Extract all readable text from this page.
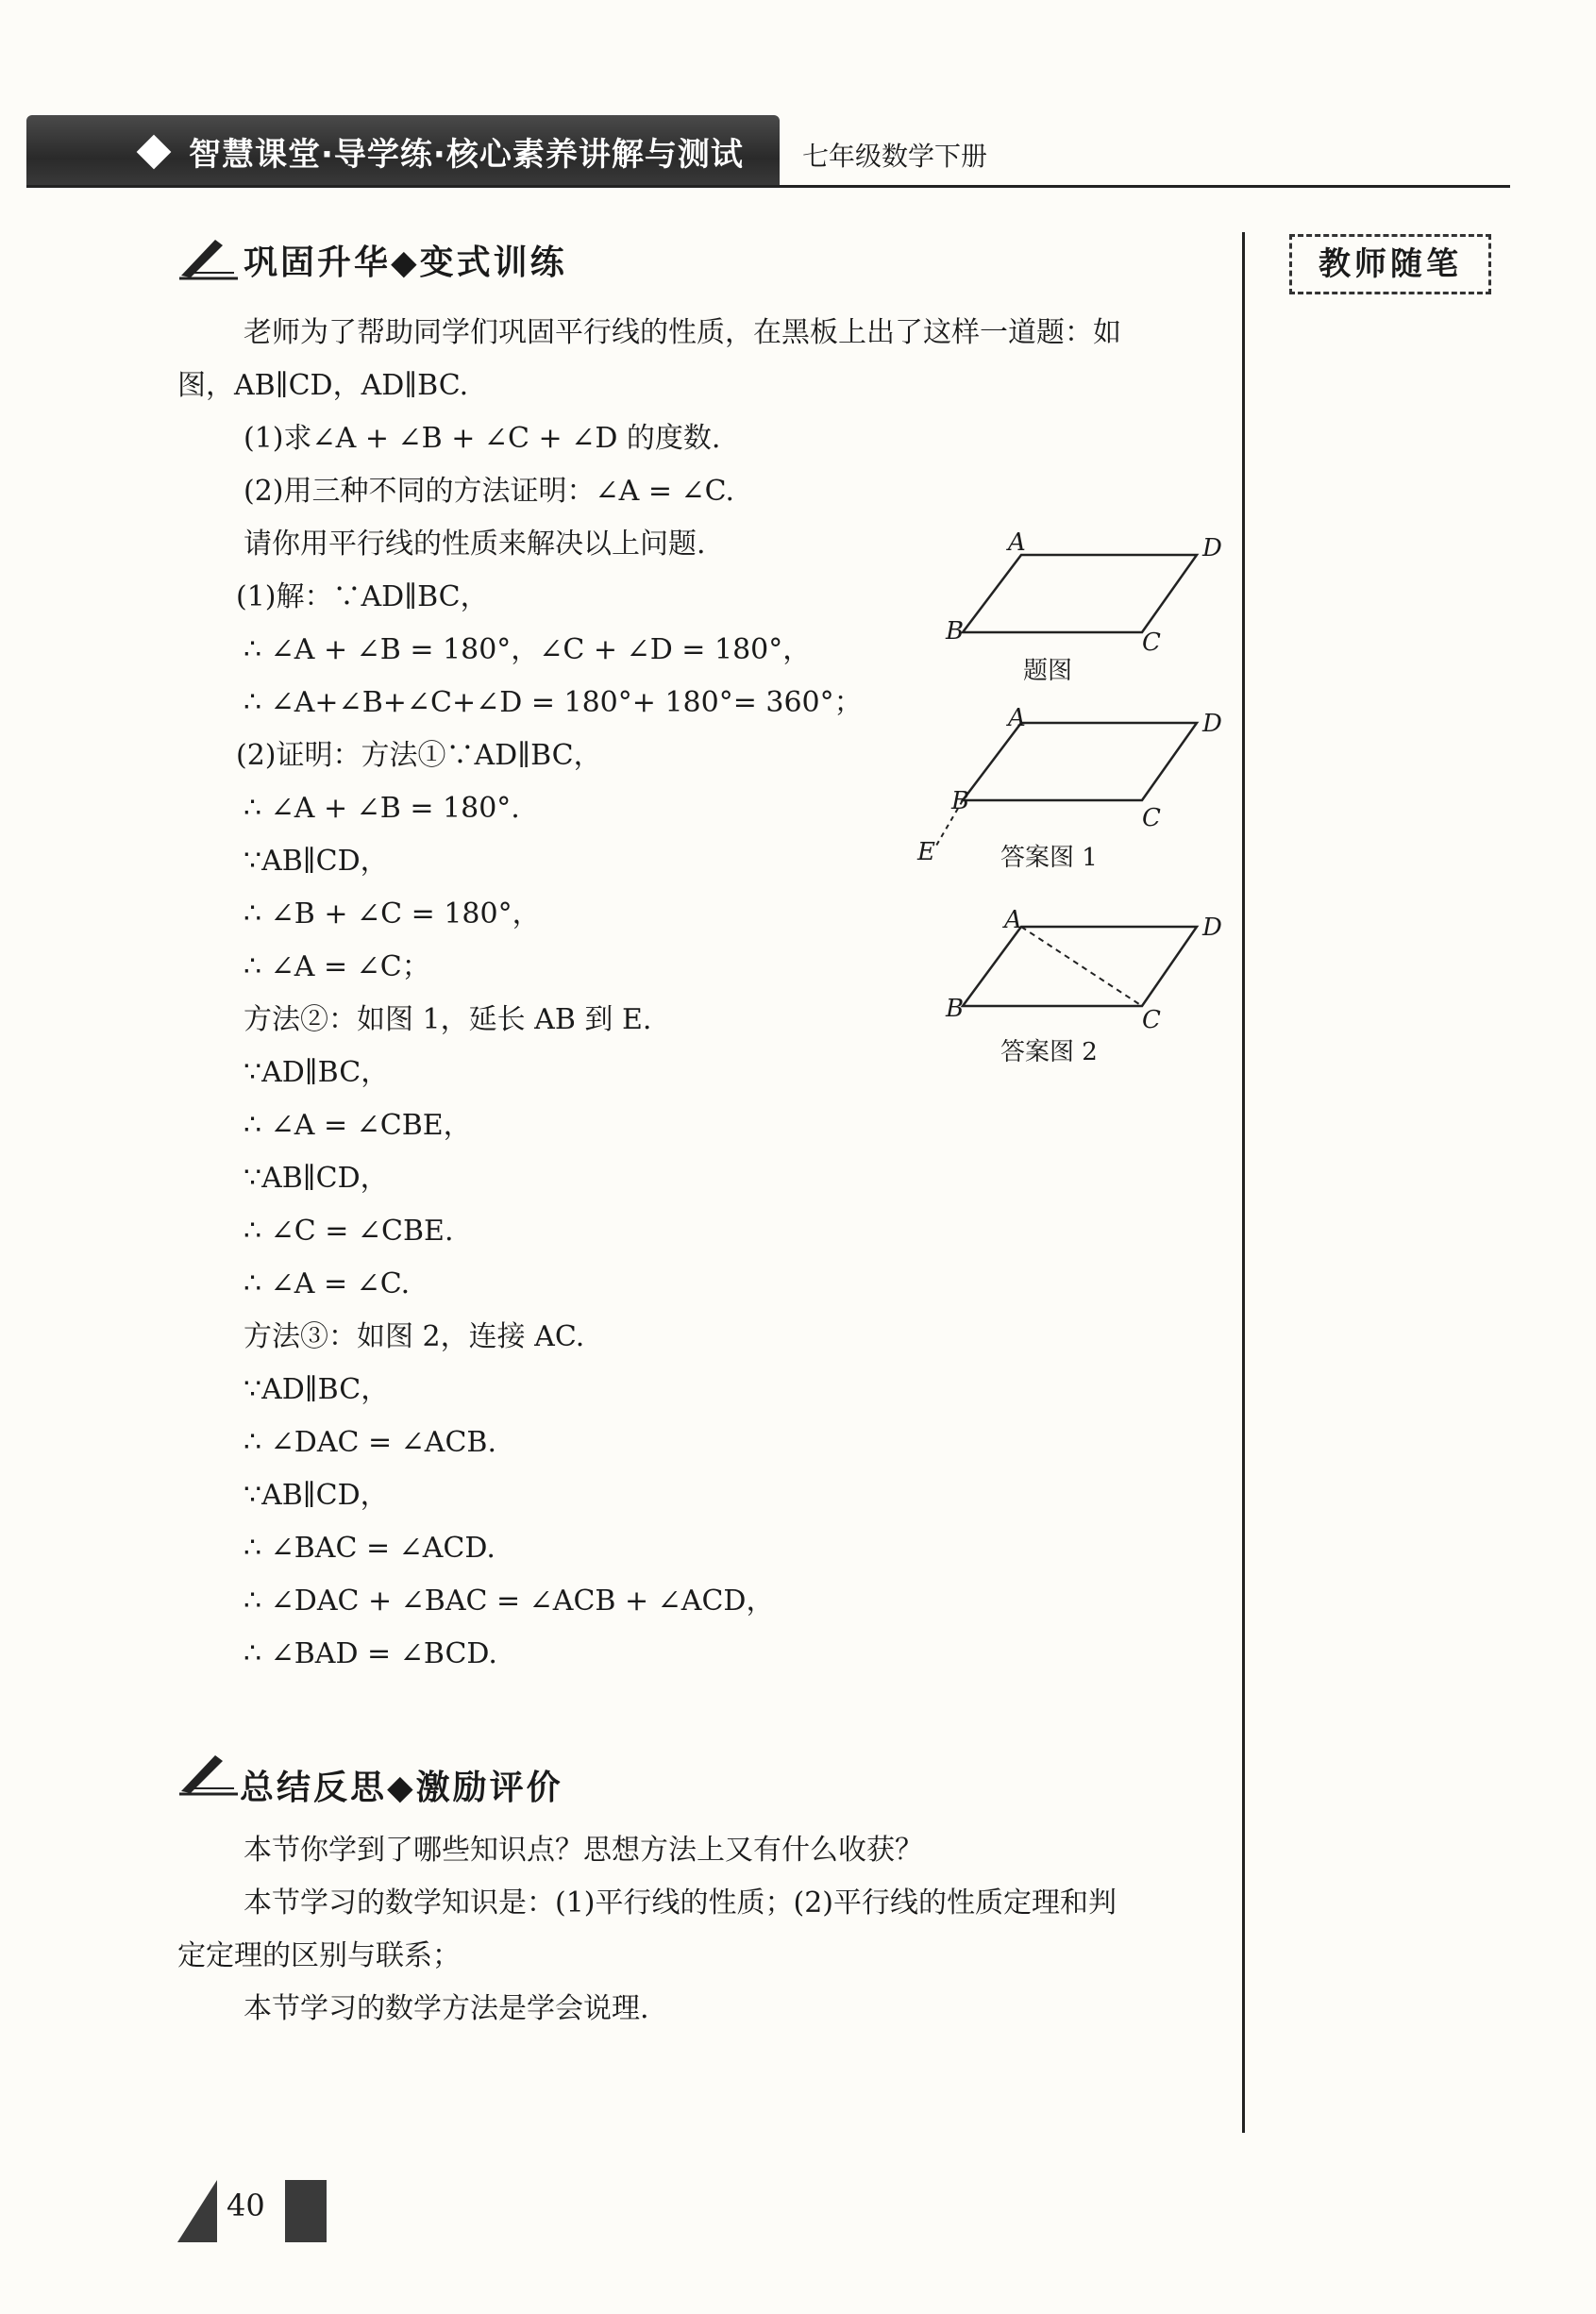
智慧课堂·导学练·核心素养讲解与测试 七年级数学下册
教师随笔
巩固升华◆变式训练
老师为了帮助同学们巩固平行线的性质，在黑板上出了这样一道题：如
图，AB∥CD，AD∥BC.
(1)求∠A + ∠B + ∠C + ∠D 的度数.
(2)用三种不同的方法证明：∠A = ∠C.
请你用平行线的性质来解决以上问题.
(1)解：∵AD∥BC，
∴ ∠A + ∠B = 180°，∠C + ∠D = 180°，
∴ ∠A+∠B+∠C+∠D = 180°+ 180°= 360°；
(2)证明：方法①∵AD∥BC，
∴ ∠A + ∠B = 180°.
∵AB∥CD，
∴ ∠B + ∠C = 180°，
∴ ∠A = ∠C；
方法②：如图 1，延长 AB 到 E.
∵AD∥BC，
∴ ∠A = ∠CBE，
∵AB∥CD，
∴ ∠C = ∠CBE.
∴ ∠A = ∠C.
方法③：如图 2，连接 AC.
∵AD∥BC，
∴ ∠DAC = ∠ACB.
∵AB∥CD，
∴ ∠BAC = ∠ACD.
∴ ∠DAC + ∠BAC = ∠ACB + ∠ACD，
∴ ∠BAD = ∠BCD.
A	D
B	C
题图
A	D
B
C
E	答案图 1
A	D
B	C
答案图 2
总结反思◆激励评价
本节你学到了哪些知识点？思想方法上又有什么收获？
本节学习的数学知识是：(1)平行线的性质；(2)平行线的性质定理和判
定定理的区别与联系；
本节学习的数学方法是学会说理.
40
